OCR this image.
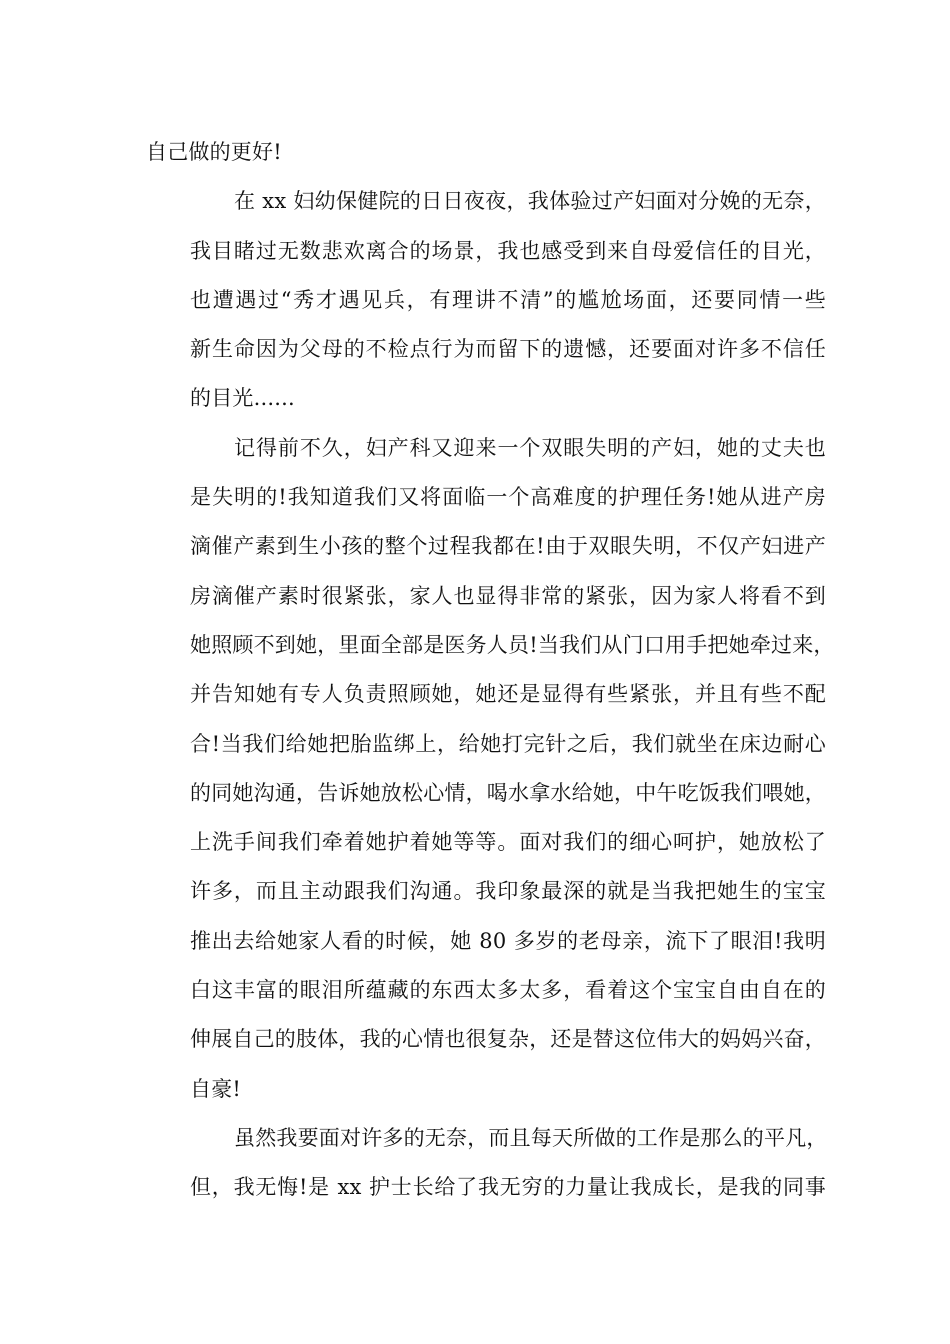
自己做的更好!
在 xx 妇幼保健院的日日夜夜，我体验过产妇面对分娩的无奈，
我目睹过无数悲欢离合的场景，我也感受到来自母爱信任的目光，
也遭遇过“秀才遇见兵，有理讲不清”的尴尬场面，还要同情一些
新生命因为父母的不检点行为而留下的遗憾，还要面对许多不信任
的目光......
记得前不久，妇产科又迎来一个双眼失明的产妇，她的丈夫也
是失明的!我知道我们又将面临一个高难度的护理任务!她从进产房
滴催产素到生小孩的整个过程我都在!由于双眼失明，不仅产妇进产
房滴催产素时很紧张，家人也显得非常的紧张，因为家人将看不到
她照顾不到她，里面全部是医务人员!当我们从门口用手把她牵过来，
并告知她有专人负责照顾她，她还是显得有些紧张，并且有些不配
合!当我们给她把胎监绑上，给她打完针之后，我们就坐在床边耐心
的同她沟通，告诉她放松心情，喝水拿水给她，中午吃饭我们喂她，
上洗手间我们牵着她护着她等等。面对我们的细心呵护，她放松了
许多，而且主动跟我们沟通。我印象最深的就是当我把她生的宝宝
推出去给她家人看的时候，她 80 多岁的老母亲，流下了眼泪!我明
白这丰富的眼泪所蕴藏的东西太多太多，看着这个宝宝自由自在的
伸展自己的肢体，我的心情也很复杂，还是替这位伟大的妈妈兴奋，
自豪!
虽然我要面对许多的无奈，而且每天所做的工作是那么的平凡，
但，我无悔!是 xx 护士长给了我无穷的力量让我成长，是我的同事
